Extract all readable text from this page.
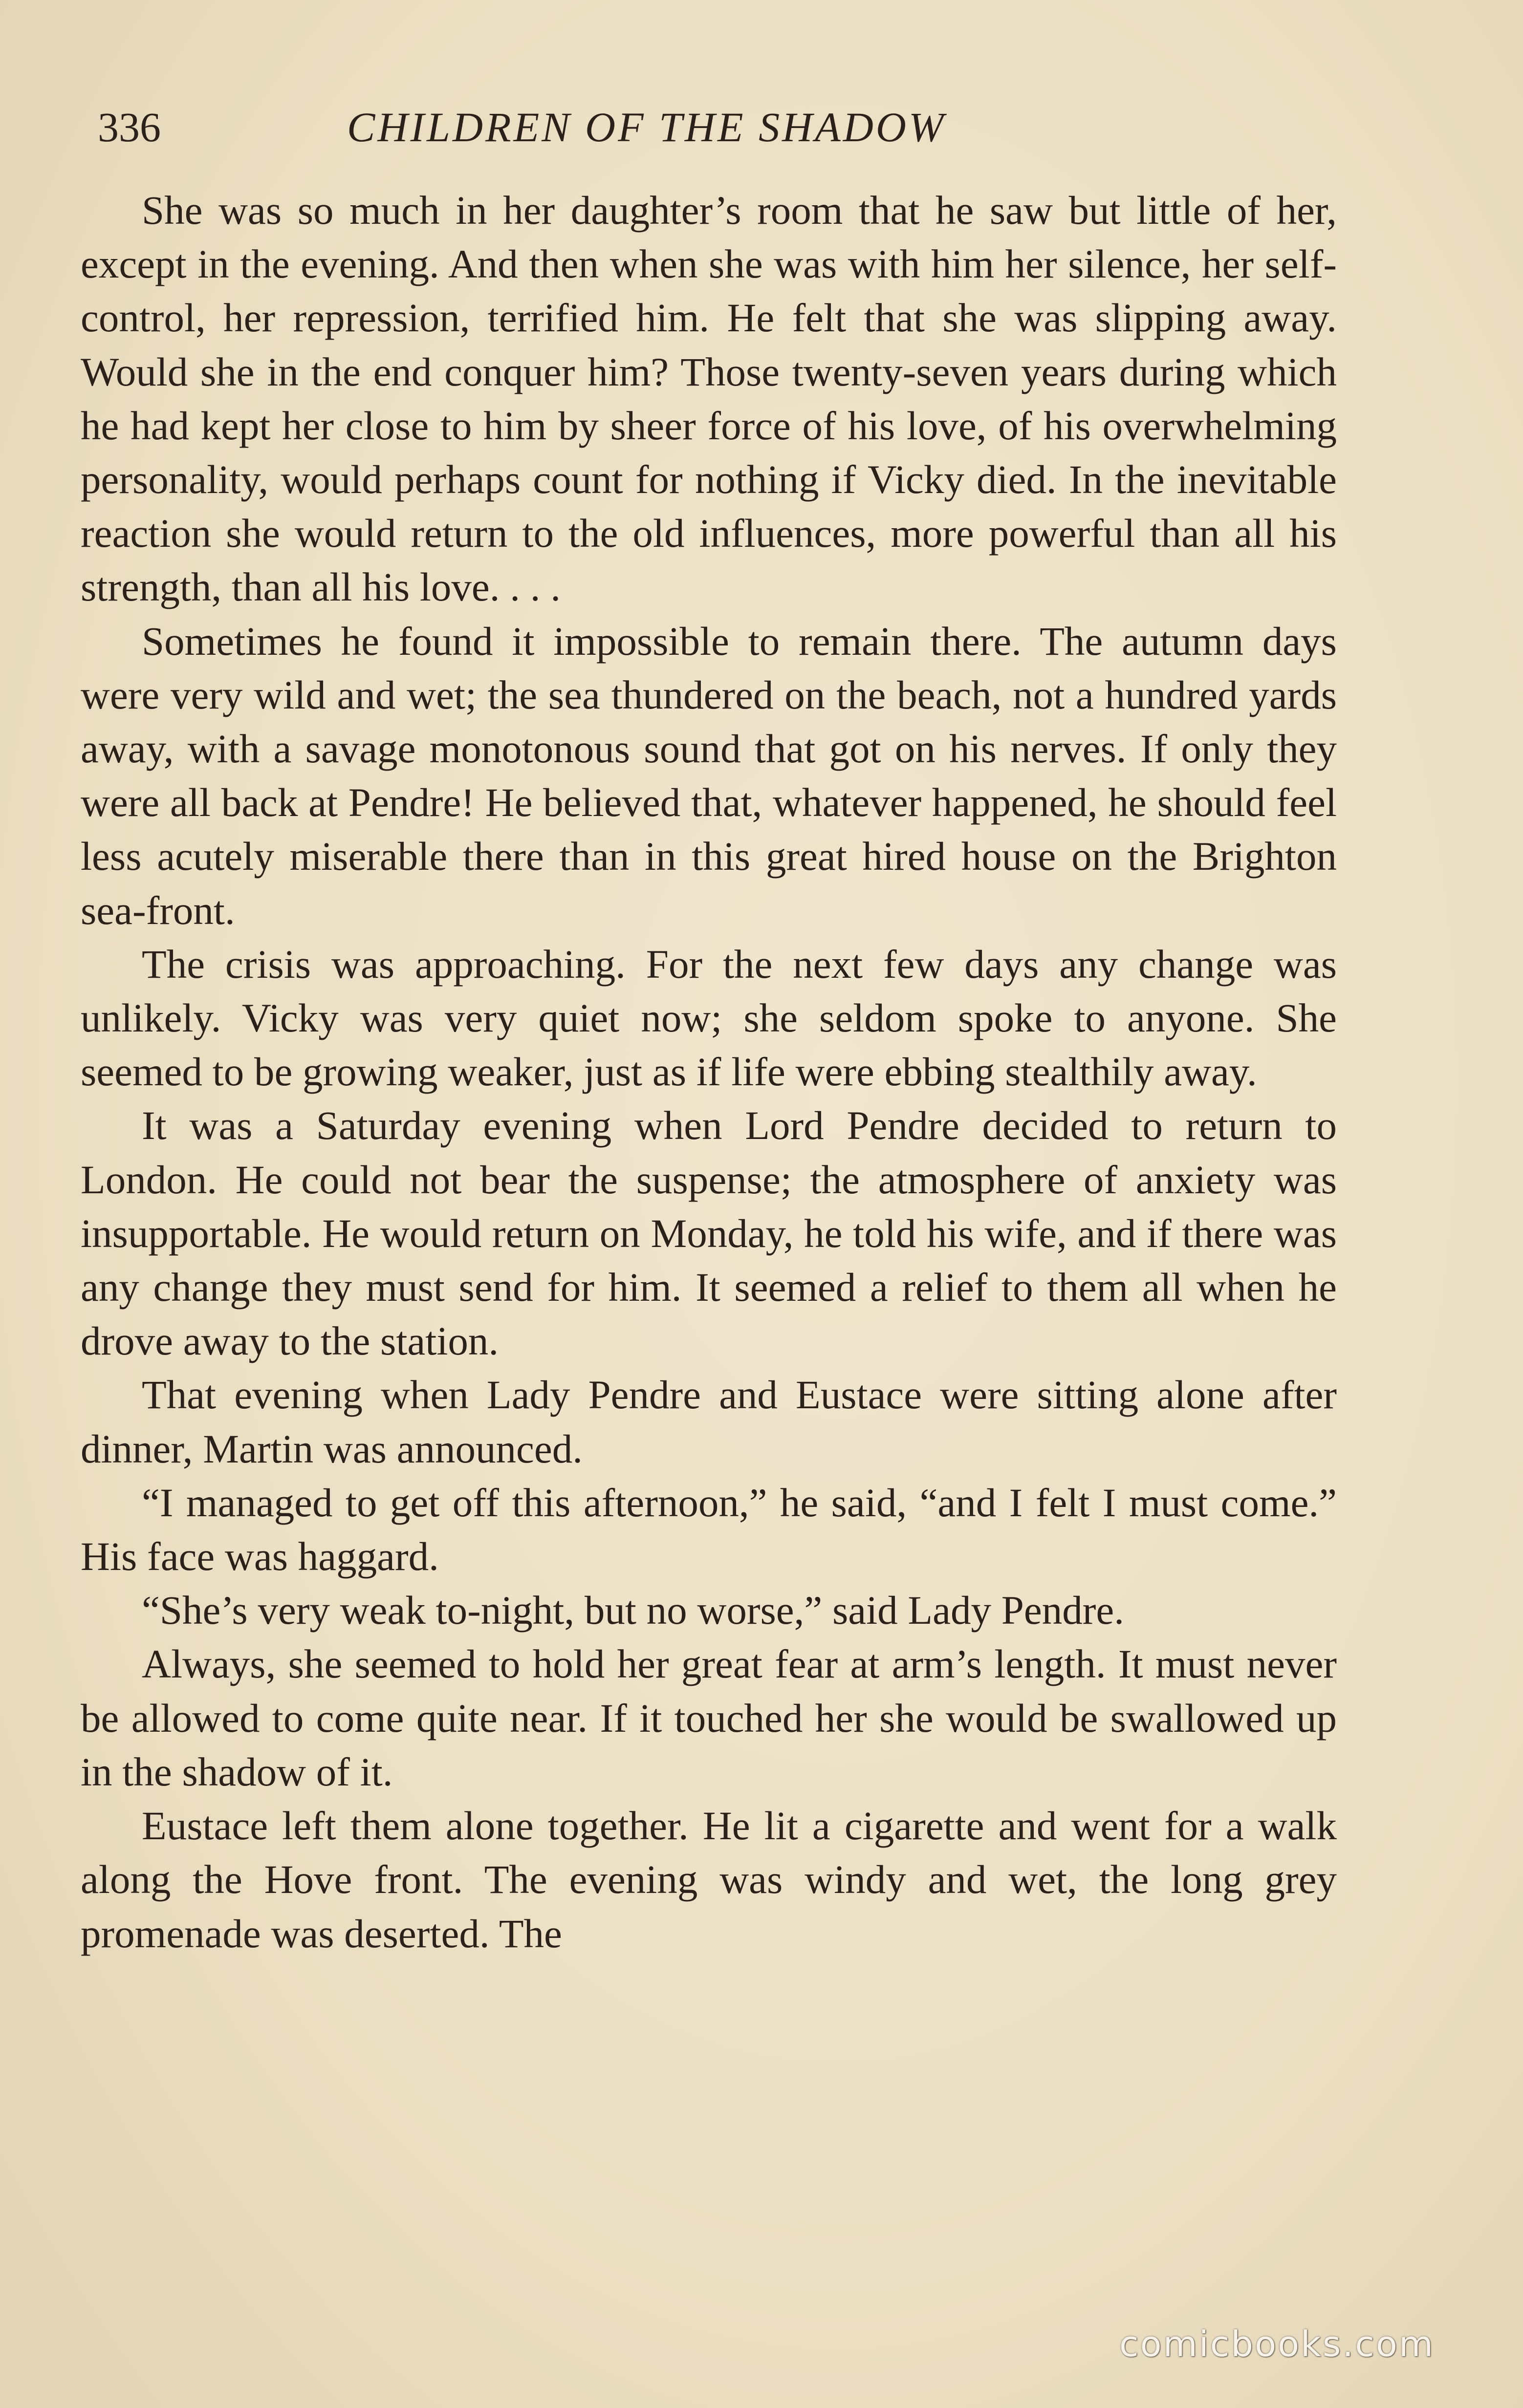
336	CHILDREN OF THE SHADOW

She was so much in her daughter’s room that he saw but little of her, except in the evening. And then when she was with him her silence, her self-control, her repression, terrified him. He felt that she was slipping away. Would she in the end conquer him? Those twenty-seven years during which he had kept her close to him by sheer force of his love, of his overwhelming personality, would perhaps count for nothing if Vicky died. In the inevitable reaction she would return to the old influences, more powerful than all his strength, than all his love. . . .

Sometimes he found it impossible to remain there. The autumn days were very wild and wet; the sea thundered on the beach, not a hundred yards away, with a savage monotonous sound that got on his nerves. If only they were all back at Pendre! He believed that, whatever happened, he should feel less acutely miserable there than in this great hired house on the Brighton sea-front.

The crisis was approaching. For the next few days any change was unlikely. Vicky was very quiet now; she seldom spoke to anyone. She seemed to be growing weaker, just as if life were ebbing stealthily away.

It was a Saturday evening when Lord Pendre decided to return to London. He could not bear the suspense; the atmosphere of anxiety was insupportable. He would return on Monday, he told his wife, and if there was any change they must send for him. It seemed a relief to them all when he drove away to the station.

That evening when Lady Pendre and Eustace were sitting alone after dinner, Martin was announced.

“I managed to get off this afternoon,” he said, “and I felt I must come.” His face was haggard.

“She’s very weak to-night, but no worse,” said Lady Pendre.

Always, she seemed to hold her great fear at arm’s length. It must never be allowed to come quite near. If it touched her she would be swallowed up in the shadow of it.

Eustace left them alone together. He lit a cigarette and went for a walk along the Hove front. The evening was windy and wet, the long grey promenade was deserted. The

comicbooks.com
